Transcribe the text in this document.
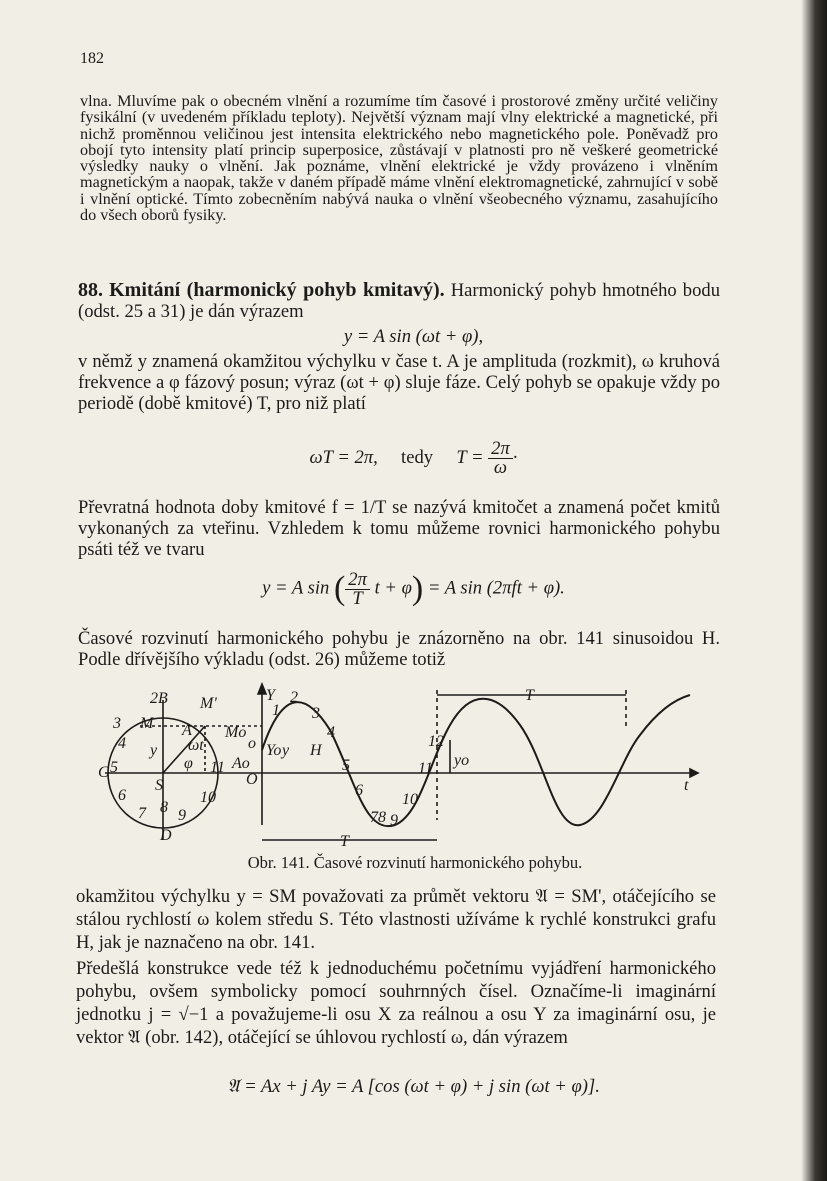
182

vlna. Mluvíme pak o obecném vlnění a rozumíme tím časové i prostorové změny určité veličiny fysikální (v uvedeném příkladu teploty). Největší význam mají vlny elektrické a magnetické, při nichž proměnnou veličinou jest intensita elektrického nebo magnetického pole. Poněvadž pro obojí tyto intensity platí princip superposice, zůstávají v platnosti pro ně veškeré geometrické výsledky nauky o vlnění. Jak poznáme, vlnění elektrické je vždy provázeno i vlněním magnetickým a naopak, takže v daném případě máme vlnění elektromagnetické, zahrnující v sobě i vlnění optické. Tímto zobecněním nabývá nauka o vlnění všeobecného významu, zasahujícího do všech oborů fysiky.

88. Kmitání (harmonický pohyb kmitavý). Harmonický pohyb hmotného bodu (odst. 25 a 31) je dán výrazem

y = A sin (ωt + φ),

v němž y znamená okamžitou výchylku v čase t. A je amplituda (rozkmit), ω kruhová frekvence a φ fázový posun; výraz (ωt + φ) sluje fáze. Celý pohyb se opakuje vždy po periodě (době kmitové) T, pro niž platí

ωT = 2π, tedy $T = \frac{2\pi}{\omega}$ ·

Převratná hodnota doby kmitové f = 1/T se nazývá kmitočet a znamená počet kmitů vykonaných za vteřinu. Vzhledem k tomu můžeme rovnici harmonického pohybu psáti též ve tvaru

y = A sin ( $\frac{2\pi}{T}$ t + φ) = A sin (2πft + φ).

Časové rozvinutí harmonického pohybu je znázorněno na obr. 141 sinusoidou H. Podle dřívějšího výkladu (odst. 26) můžeme totiž

2B M'	Y 2
1 3
M A
ωt
Mo
o
y
φ 11 Ao
4
H
y
Yo
C 5	5
S	O
6	6
10	10
12
11 yo
t
7 8 9	78 9
D
T
T
3
4
Obr. 141. Časové rozvinutí harmonického pohybu.

okamžitou výchylku y = SM považovati za průmět vektoru 𝔄 = SM', otáčejícího se stálou rychlostí ω kolem středu S. Této vlastnosti užíváme k rychlé konstrukci grafu H, jak je naznačeno na obr. 141.

Předešlá konstrukce vede též k jednoduchému početnímu vyjádření harmonického pohybu, ovšem symbolicky pomocí souhrnných čísel. Označíme-li imaginární jednotku j = √−1 a považujeme-li osu X za reálnou a osu Y za imaginární osu, je vektor 𝔄 (obr. 142), otáčející se úhlovou rychlostí ω, dán výrazem

𝔄 = Ax + j Ay = A [cos (ωt + φ) + j sin (ωt + φ)].
